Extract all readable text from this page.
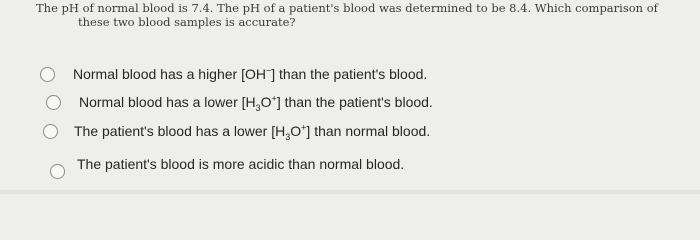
The pH of normal blood is 7.4. The pH of a patient's blood was determined to be 8.4. Which comparison of
these two blood samples is accurate?
Normal blood has a higher [OH−] than the patient's blood.
Normal blood has a lower $[H_3O^+]$ than the patient's blood.
The patient's blood has a lower $[H_3O^+]$ than normal blood.
The patient's blood is more acidic than normal blood.
